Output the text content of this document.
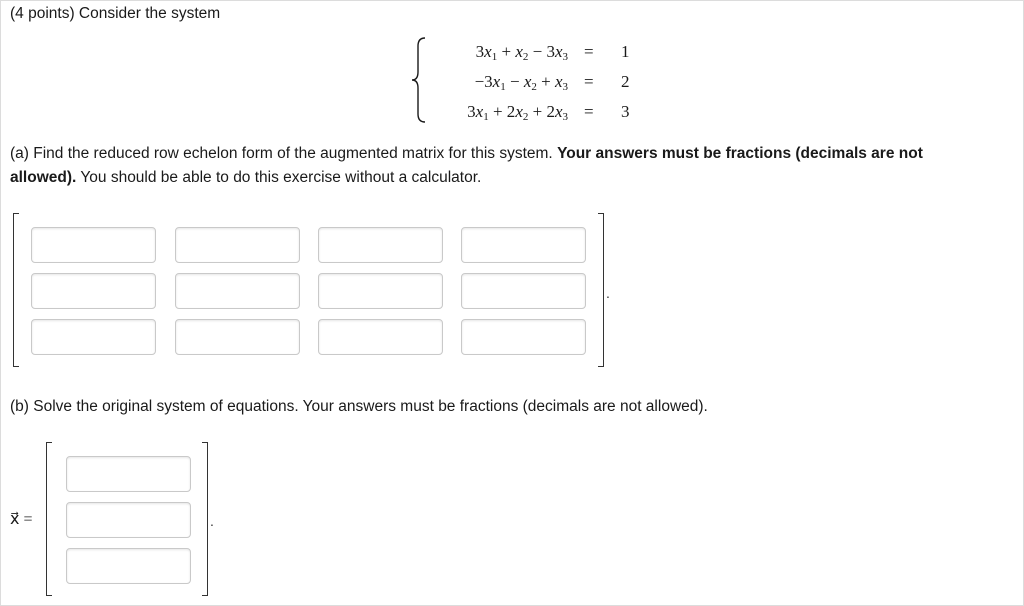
(4 points) Consider the system
$3x_1 + x_2 - 3x_3 = 1$
$-3x_1 - x_2 + x_3 = 2$
$3x_1 + 2x_2 + 2x_3 = 3$
(a) Find the reduced row echelon form of the augmented matrix for this system. Your answers must be fractions (decimals are not
allowed). You should be able to do this exercise without a calculator.
.
(b) Solve the original system of equations. Your answers must be fractions (decimals are not allowed).
x⃗ =	.
